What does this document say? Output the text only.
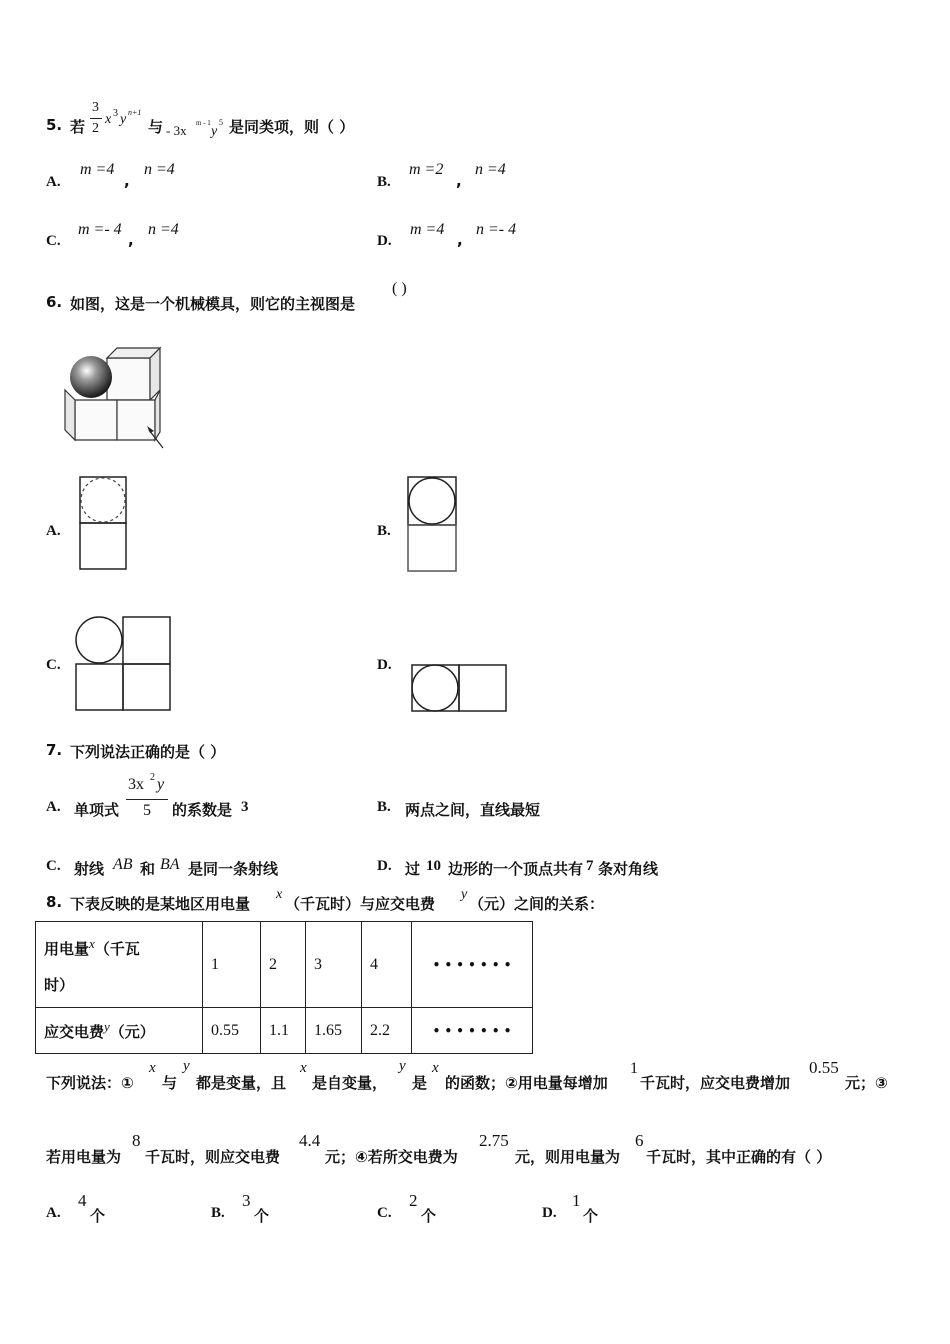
5. 若
3
2
x 3 y n+1
与 - 3x m - 1
y
5 是同类项，则（ ）
A.
m =4
,
n =4
B.
m =2
,
n =4
C.
m =- 4
,
n =4
D.
m =4
,
n =- 4
6. 如图，这是一个机械模具，则它的主视图是
( )
A.	B.
C.	D.
7. 下列说法正确的是（ ）
A. 单项式
3x 2 y
5 的系数是 3	B. 两点之间，直线最短
C. 射线 AB 和 BA 是同一条射线	D. 过 10 边形的一个顶点共有 7 条对角线
8. 下表反映的是某地区用电量
x
（千瓦时）与应交电费
y
（元）之间的关系：
用电量x（千瓦
时）	1	2	3	4	• • • • • • •
应交电费y（元）	0.55	1.1	1.65	2.2	• • • • • • •
下列说法：①
x
与
y
都是变量，且
x
是自变量，
y
是
x
的函数；②用电量每增加
1
千瓦时，应交电费增加
0.55
元；③
若用电量为
8
千瓦时，则应交电费
4.4
元；④若所交电费为
2.75
元，则用电量为
6
千瓦时，其中正确的有（ ）
A.
4
个	B.
3
个	C.
2
个	D.
1
个
